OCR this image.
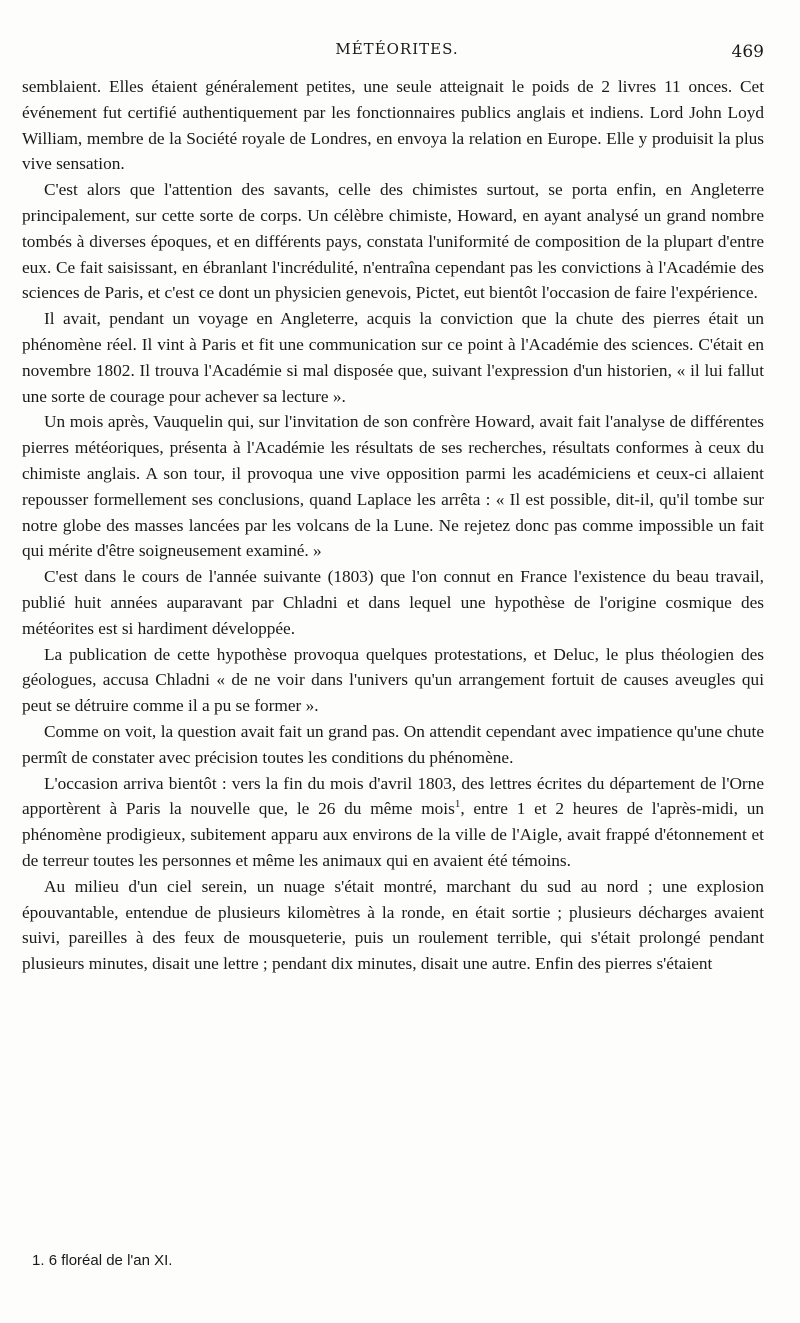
MÉTÉORITES.	469

semblaient. Elles étaient généralement petites, une seule atteignait le poids de 2 livres 11 onces. Cet événement fut certifié authentiquement par les fonctionnaires publics anglais et indiens. Lord John Loyd William, membre de la Société royale de Londres, en envoya la relation en Europe. Elle y produisit la plus vive sensation.

C'est alors que l'attention des savants, celle des chimistes surtout, se porta enfin, en Angleterre principalement, sur cette sorte de corps. Un célèbre chimiste, Howard, en ayant analysé un grand nombre tombés à diverses époques, et en différents pays, constata l'uniformité de composition de la plupart d'entre eux. Ce fait saisissant, en ébranlant l'incrédulité, n'entraîna cependant pas les convictions à l'Académie des sciences de Paris, et c'est ce dont un physicien genevois, Pictet, eut bientôt l'occasion de faire l'expérience.

Il avait, pendant un voyage en Angleterre, acquis la conviction que la chute des pierres était un phénomène réel. Il vint à Paris et fit une communication sur ce point à l'Académie des sciences. C'était en novembre 1802. Il trouva l'Académie si mal disposée que, suivant l'expression d'un historien, « il lui fallut une sorte de courage pour achever sa lecture ».

Un mois après, Vauquelin qui, sur l'invitation de son confrère Howard, avait fait l'analyse de différentes pierres météoriques, présenta à l'Académie les résultats de ses recherches, résultats conformes à ceux du chimiste anglais. A son tour, il provoqua une vive opposition parmi les académiciens et ceux-ci allaient repousser formellement ses conclusions, quand Laplace les arrêta : « Il est possible, dit-il, qu'il tombe sur notre globe des masses lancées par les volcans de la Lune. Ne rejetez donc pas comme impossible un fait qui mérite d'être soigneusement examiné. »

C'est dans le cours de l'année suivante (1803) que l'on connut en France l'existence du beau travail, publié huit années auparavant par Chladni et dans lequel une hypothèse de l'origine cosmique des météorites est si hardiment développée.

La publication de cette hypothèse provoqua quelques protestations, et Deluc, le plus théologien des géologues, accusa Chladni « de ne voir dans l'univers qu'un arrangement fortuit de causes aveugles qui peut se détruire comme il a pu se former ».

Comme on voit, la question avait fait un grand pas. On attendit cependant avec impatience qu'une chute permît de constater avec précision toutes les conditions du phénomène.

L'occasion arriva bientôt : vers la fin du mois d'avril 1803, des lettres écrites du département de l'Orne apportèrent à Paris la nouvelle que, le 26 du même mois$^1$, entre 1 et 2 heures de l'après-midi, un phénomène prodigieux, subitement apparu aux environs de la ville de l'Aigle, avait frappé d'étonnement et de terreur toutes les personnes et même les animaux qui en avaient été témoins.

Au milieu d'un ciel serein, un nuage s'était montré, marchant du sud au nord ; une explosion épouvantable, entendue de plusieurs kilomètres à la ronde, en était sortie ; plusieurs décharges avaient suivi, pareilles à des feux de mousqueterie, puis un roulement terrible, qui s'était prolongé pendant plusieurs minutes, disait une lettre ; pendant dix minutes, disait une autre. Enfin des pierres s'étaient

1. 6 floréal de l'an XI.
